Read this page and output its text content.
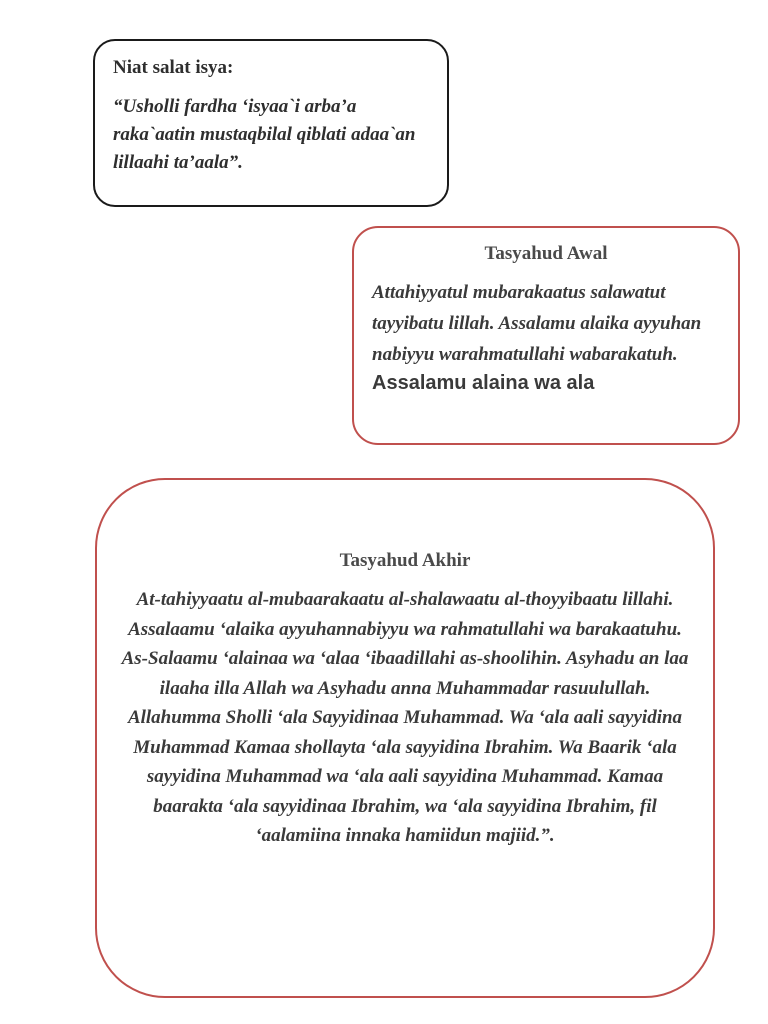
Niat salat isya:
“Usholli fardha ‘isyaa`i arba’a raka`aatin mustaqbilal qiblati adaa`an lillaahi ta’aala”.
Tasyahud Awal
Attahiyyatul mubarakaatus salawatut tayyibatu lillah. Assalamu alaika ayyuhan nabiyyu warahmatullahi wabarakatuh.
Assalamu alaina wa ala
Tasyahud Akhir
At-tahiyyaatu al-mubaarakaatu al-shalawaatu al-thoyyibaatu lillahi. Assalaamu ‘alaika ayyuhannabiyyu wa rahmatullahi wa barakaatuhu. As-Salaamu ‘alainaa wa ‘alaa ‘ibaadillahi as-shoolihin. Asyhadu an laa ilaaha illa Allah wa Asyhadu anna Muhammadar rasuulullah. Allahumma Sholli ‘ala Sayyidinaa Muhammad. Wa ‘ala aali sayyidina Muhammad Kamaa shollayta ‘ala sayyidina Ibrahim. Wa Baarik ‘ala sayyidina Muhammad wa ‘ala aali sayyidina Muhammad. Kamaa baarakta ‘ala sayyidinaa Ibrahim, wa ‘ala sayyidina Ibrahim, fil ‘aalamiina innaka hamiidun majiid.”.
